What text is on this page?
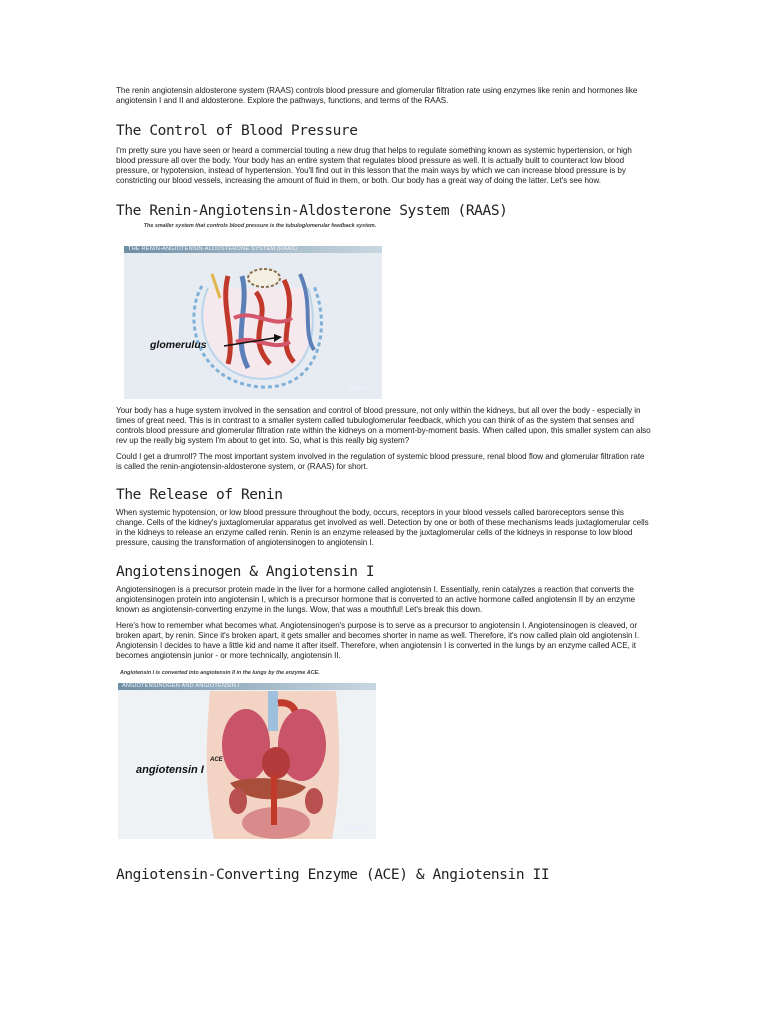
The renin angiotensin aldosterone system (RAAS) controls blood pressure and glomerular filtration rate using enzymes like renin and hormones like angiotensin I and II and aldosterone. Explore the pathways, functions, and terms of the RAAS.

The Control of Blood Pressure

I'm pretty sure you have seen or heard a commercial touting a new drug that helps to regulate something known as systemic hypertension, or high blood pressure all over the body. Your body has an entire system that regulates blood pressure as well. It is actually built to counteract low blood pressure, or hypotension, instead of hypertension. You'll find out in this lesson that the main ways by which we can increase blood pressure is by constricting our blood vessels, increasing the amount of fluid in them, or both. Our body has a great way of doing the latter. Let's see how.

The Renin-Angiotensin-Aldosterone System (RAAS)
The smaller system that controls blood pressure is the tubuloglomerular feedback system.
THE RENIN-ANGIOTENSIN-ALDOSTERONE SYSTEM (RAAS)
glomerulus
Educati

Your body has a huge system involved in the sensation and control of blood pressure, not only within the kidneys, but all over the body - especially in times of great need. This is in contrast to a smaller system called tubuloglomerular feedback, which you can think of as the system that senses and controls blood pressure and glomerular filtration rate within the kidneys on a moment-by-moment basis. When called upon, this smaller system can also rev up the really big system I'm about to get into. So, what is this really big system?

Could I get a drumroll? The most important system involved in the regulation of systemic blood pressure, renal blood flow and glomerular filtration rate is called the renin-angiotensin-aldosterone system, or (RAAS) for short.

The Release of Renin

When systemic hypotension, or low blood pressure throughout the body, occurs, receptors in your blood vessels called baroreceptors sense this change. Cells of the kidney's juxtaglomerular apparatus get involved as well. Detection by one or both of these mechanisms leads juxtaglomerular cells in the kidneys to release an enzyme called renin. Renin is an enzyme released by the juxtaglomerular cells of the kidneys in response to low blood pressure, causing the transformation of angiotensinogen to angiotensin I.

Angiotensinogen & Angiotensin I

Angiotensinogen is a precursor protein made in the liver for a hormone called angiotensin I. Essentially, renin catalyzes a reaction that converts the angiotensinogen protein into angiotensin I, which is a precursor hormone that is converted to an active hormone called angiotensin II by an enzyme known as angiotensin-converting enzyme in the lungs. Wow, that was a mouthful! Let's break this down.

Here's how to remember what becomes what. Angiotensinogen's purpose is to serve as a precursor to angiotensin I. Angiotensinogen is cleaved, or broken apart, by renin. Since it's broken apart, it gets smaller and becomes shorter in name as well. Therefore, it's now called plain old angiotensin I. Angiotensin I decides to have a little kid and name it after itself. Therefore, when angiotensin I is converted in the lungs by an enzyme called ACE, it becomes angiotensin junior - or more technically, angiotensin II.

Angiotensin I is converted into angiotensin II in the lungs by the enzyme ACE.
ANGIOTENSINOGEN AND ANGIOTENSIN I
ACE
angiotensin I
Educati
Angiotensin-Converting Enzyme (ACE) & Angiotensin II
